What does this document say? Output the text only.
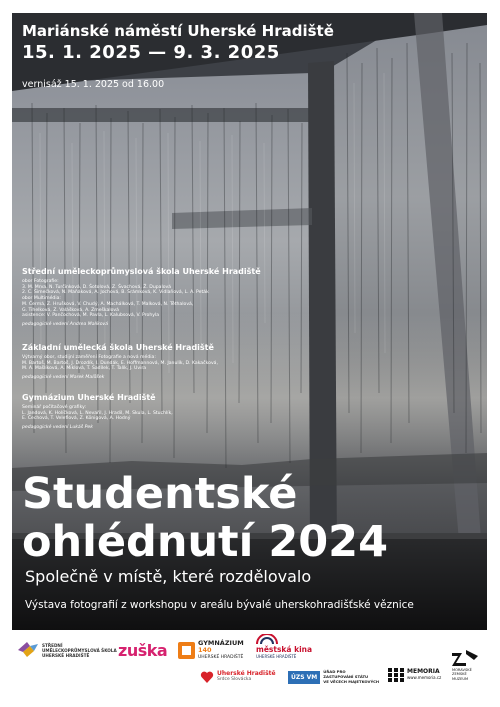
Mariánské náměstí Uherské Hradiště
15. 1. 2025 — 9. 3. 2025
vernisáž 15. 1. 2025 od 16.00
Střední uměleckoprůmyslová škola Uherské Hradiště
obor Fotografie:
3. M. Mrva, N. Turčinková, D. Šotolová, Z. Švachová, Ž. Dupalová
2. C. Šimečková, N. Maňáková, A. Jochová, B. Šrámková, K. Vidlaňová, L. A. Peták
obor Multimédia:
M. Čermá, Z. Hrušková, V. Chudý, A. Machálková, T. Malková, N. Těthalová,
G. Tihelková, Z. Valášková, A. Zmeškalová
asistence: V. Pančochová, M. Pavla, L. Kalubsová, V. Prohyla
pedagogické vedení Andrea Malíková
Základní umělecká škola Uherské Hradiště
Výtvarný obor, studijní zaměření Fotografie a nová média:
M. Bartoš, M. Bartoš, J. Drozdík, I. Dundák, E. Hoffmannová, M. Janulík, D. Kakačková,
M. A. Mašlíková, A. Miklová, T. Sadílek, T. Talík, J. Uvira
pedagogické vedení Marek Malůšek
Gymnázium Uherské Hradiště
Seminář počítačové grafiky:
L. Jandová, K. Holíčková, L. Nevařil, J. Hradil, M. Skula, L. Stuchlík,
E. Čechová, T. Veleflová, Z. Königová, A. Hodný
pedagogické vedení Lukáš Pek
Studentské
ohlédnutí 2024
Společně v místě, které rozdělovalo
Výstava fotografií z workshopu v areálu bývalé uherskohradišťské věznice
STŘEDNÍ
UMĚLECKOPRŮMYSLOVÁ ŠKOLA
UHERSKÉ HRADIŠTĚ	zuška	GYMNÁZIUM
140
UHERSKÉ HRADIŠTĚ
městská kina
UHERSKÉ HRADIŠTĚ
Uherské Hradiště
Srdce Slovácka	ÚZS VM
ÚŘAD PRO
ZASTUPOVÁNÍ STÁTU
VE VĚCECH MAJETKOVÝCH
MEMORIA
www.memoria.cz
MORAVSKÉ
ZEMSKÉ
MUZEUM
